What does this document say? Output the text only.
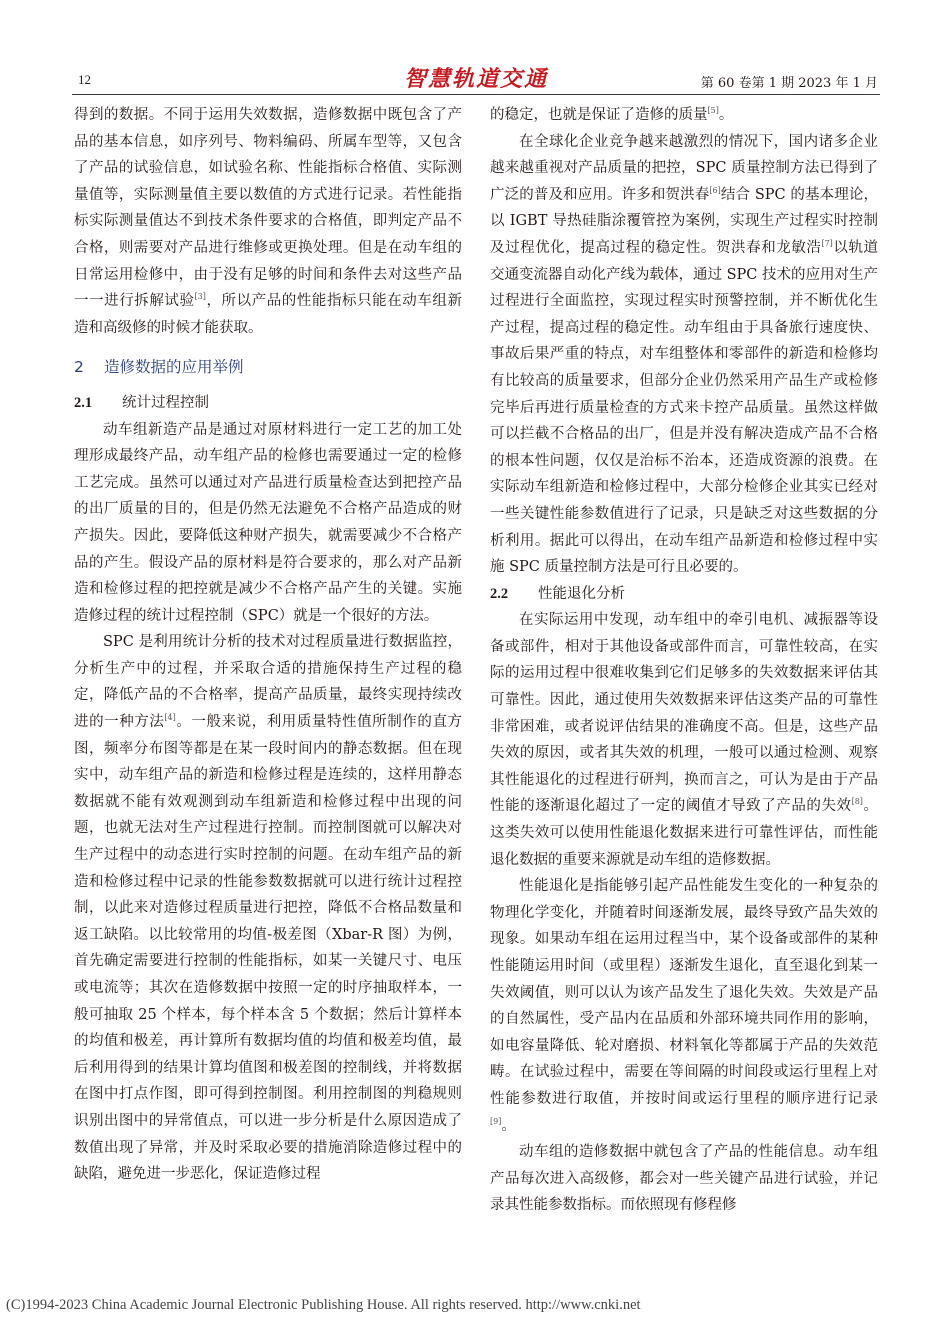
12	智慧轨道交通	第 60 卷第 1 期 2023 年 1 月

得到的数据。不同于运用失效数据，造修数据中既包含了产品的基本信息，如序列号、物料编码、所属车型等，又包含了产品的试验信息，如试验名称、性能指标合格值、实际测量值等，实际测量值主要以数值的方式进行记录。若性能指标实际测量值达不到技术条件要求的合格值，即判定产品不合格，则需要对产品进行维修或更换处理。但是在动车组的日常运用检修中，由于没有足够的时间和条件去对这些产品一一进行拆解试验[3]，所以产品的性能指标只能在动车组新造和高级修的时候才能获取。

2 造修数据的应用举例
2.1 统计过程控制

动车组新造产品是通过对原材料进行一定工艺的加工处理形成最终产品，动车组产品的检修也需要通过一定的检修工艺完成。虽然可以通过对产品进行质量检查达到把控产品的出厂质量的目的，但是仍然无法避免不合格产品造成的财产损失。因此，要降低这种财产损失，就需要减少不合格产品的产生。假设产品的原材料是符合要求的，那么对产品新造和检修过程的把控就是减少不合格产品产生的关键。实施造修过程的统计过程控制（SPC）就是一个很好的方法。

SPC 是利用统计分析的技术对过程质量进行数据监控，分析生产中的过程，并采取合适的措施保持生产过程的稳定，降低产品的不合格率，提高产品质量，最终实现持续改进的一种方法[4]。一般来说，利用质量特性值所制作的直方图，频率分布图等都是在某一段时间内的静态数据。但在现实中，动车组产品的新造和检修过程是连续的，这样用静态数据就不能有效观测到动车组新造和检修过程中出现的问题，也就无法对生产过程进行控制。而控制图就可以解决对生产过程中的动态进行实时控制的问题。在动车组产品的新造和检修过程中记录的性能参数数据就可以进行统计过程控制，以此来对造修过程质量进行把控，降低不合格品数量和返工缺陷。以比较常用的均值-极差图（Xbar-R 图）为例，首先确定需要进行控制的性能指标，如某一关键尺寸、电压或电流等；其次在造修数据中按照一定的时序抽取样本，一般可抽取 25 个样本，每个样本含 5 个数据；然后计算样本的均值和极差，再计算所有数据均值的均值和极差均值，最后利用得到的结果计算均值图和极差图的控制线，并将数据在图中打点作图，即可得到控制图。利用控制图的判稳规则识别出图中的异常值点，可以进一步分析是什么原因造成了数值出现了异常，并及时采取必要的措施消除造修过程中的缺陷，避免进一步恶化，保证造修过程

的稳定，也就是保证了造修的质量[5]。

在全球化企业竞争越来越激烈的情况下，国内诸多企业越来越重视对产品质量的把控，SPC 质量控制方法已得到了广泛的普及和应用。许多和贺洪春[6]结合 SPC 的基本理论，以 IGBT 导热硅脂涂覆管控为案例，实现生产过程实时控制及过程优化，提高过程的稳定性。贺洪春和龙敏浩[7]以轨道交通变流器自动化产线为载体，通过 SPC 技术的应用对生产过程进行全面监控，实现过程实时预警控制，并不断优化生产过程，提高过程的稳定性。动车组由于具备旅行速度快、事故后果严重的特点，对车组整体和零部件的新造和检修均有比较高的质量要求，但部分企业仍然采用产品生产或检修完毕后再进行质量检查的方式来卡控产品质量。虽然这样做可以拦截不合格品的出厂，但是并没有解决造成产品不合格的根本性问题，仅仅是治标不治本，还造成资源的浪费。在实际动车组新造和检修过程中，大部分检修企业其实已经对一些关键性能参数值进行了记录，只是缺乏对这些数据的分析利用。据此可以得出，在动车组产品新造和检修过程中实施 SPC 质量控制方法是可行且必要的。

2.2 性能退化分析

在实际运用中发现，动车组中的牵引电机、减振器等设备或部件，相对于其他设备或部件而言，可靠性较高，在实际的运用过程中很难收集到它们足够多的失效数据来评估其可靠性。因此，通过使用失效数据来评估这类产品的可靠性非常困难，或者说评估结果的准确度不高。但是，这些产品失效的原因，或者其失效的机理，一般可以通过检测、观察其性能退化的过程进行研判，换而言之，可认为是由于产品性能的逐渐退化超过了一定的阈值才导致了产品的失效[8]。这类失效可以使用性能退化数据来进行可靠性评估，而性能退化数据的重要来源就是动车组的造修数据。

性能退化是指能够引起产品性能发生变化的一种复杂的物理化学变化，并随着时间逐渐发展，最终导致产品失效的现象。如果动车组在运用过程当中，某个设备或部件的某种性能随运用时间（或里程）逐渐发生退化，直至退化到某一失效阈值，则可以认为该产品发生了退化失效。失效是产品的自然属性，受产品内在品质和外部环境共同作用的影响，如电容量降低、轮对磨损、材料氧化等都属于产品的失效范畴。在试验过程中，需要在等间隔的时间段或运行里程上对性能参数进行取值，并按时间或运行里程的顺序进行记录[9]。

动车组的造修数据中就包含了产品的性能信息。动车组产品每次进入高级修，都会对一些关键产品进行试验，并记录其性能参数指标。而依照现有修程修

(C)1994-2023 China Academic Journal Electronic Publishing House. All rights reserved. http://www.cnki.net
